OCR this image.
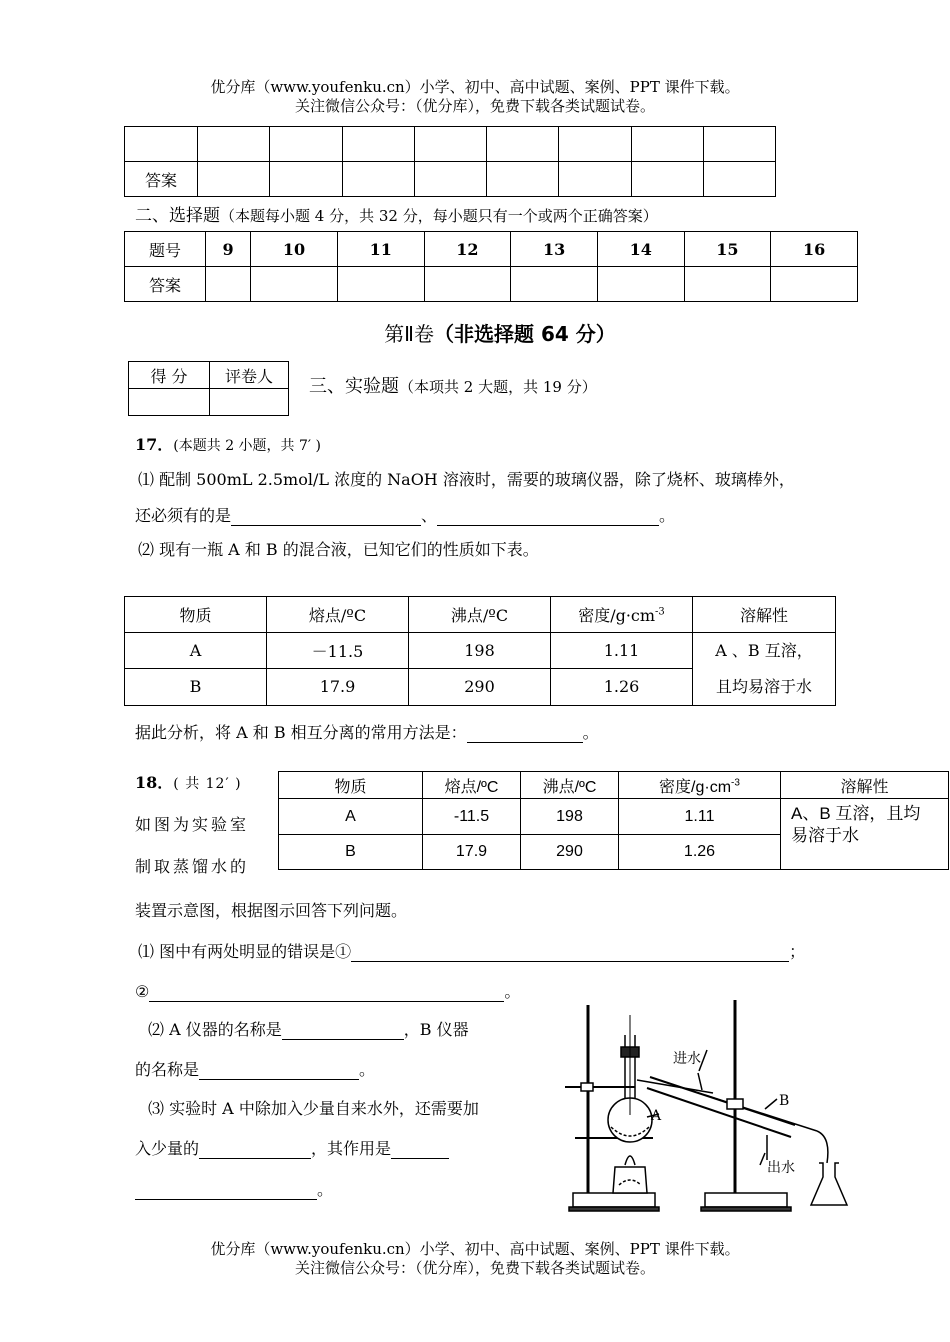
优分库（www.youfenku.cn）小学、初中、高中试题、案例、PPT 课件下载。
关注微信公众号：（优分库），免费下载各类试题试卷。

答案								
二、选择题（本题每小题 4 分，共 32 分，每小题只有一个或两个正确答案）
题号	9	10	11	12	13	14	15	16
答案								
第Ⅱ卷（非选择题 64 分）
得 分	评卷人
	三、实验题（本项共 2 大题，共 19 分）
17．(本题共 2 小题，共 7′ )
⑴ 配制 500mL 2.5mol/L 浓度的 NaOH 溶液时，需要的玻璃仪器，除了烧杯、玻璃棒外，
还必须有的是	、	。
⑵ 现有一瓶 A 和 B 的混合液，已知它们的性质如下表。
物质	熔点/ºC	沸点/ºC	密度$/g\cdot cm^{-3}$	溶解性
A	－11.5	198	1.11	A 、B 互溶，
且均易溶于水

B	17.9	290	1.26	
据此分析，将 A 和 B 相互分离的常用方法是：	。
18．( 共 12′ )
如图为实验室
制取蒸馏水的
装置示意图，根据图示回答下列问题。
物质	熔点/ºC	沸点/ºC	密度$/g\cdot cm^{-3}$	溶解性
A	-11.5	198	1.11	A、B 互溶，且均
易溶于水

B	17.9	290	1.26	
⑴ 图中有两处明显的错误是①	；
②	。
⑵ A 仪器的名称是	，B 仪器
的名称是	。
⑶ 实验时 A 中除加入少量自来水外，还需要加
入少量的	，其作用是
。
进水
出水
A
B
优分库（www.youfenku.cn）小学、初中、高中试题、案例、PPT 课件下载。
关注微信公众号：（优分库），免费下载各类试题试卷。
